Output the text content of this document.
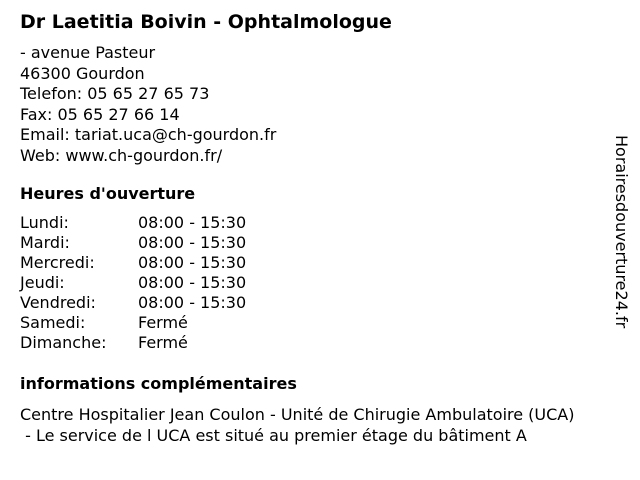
Dr Laetitia Boivin - Ophtalmologue
- avenue Pasteur
46300 Gourdon
Telefon: 05 65 27 65 73
Fax: 05 65 27 66 14
Email: tariat.uca@ch-gourdon.fr
Web: www.ch-gourdon.fr/
Heures d'ouverture
Lundi:	08:00 - 15:30
Mardi:	08:00 - 15:30
Mercredi:	08:00 - 15:30
Jeudi:	08:00 - 15:30
Vendredi:	08:00 - 15:30
Samedi:	Fermé
Dimanche: Fermé
informations complémentaires
Centre Hospitalier Jean Coulon - Unité de Chirugie Ambulatoire (UCA)
- Le service de l UCA est situé au premier étage du bâtiment A
Horairesdouverture24.fr
